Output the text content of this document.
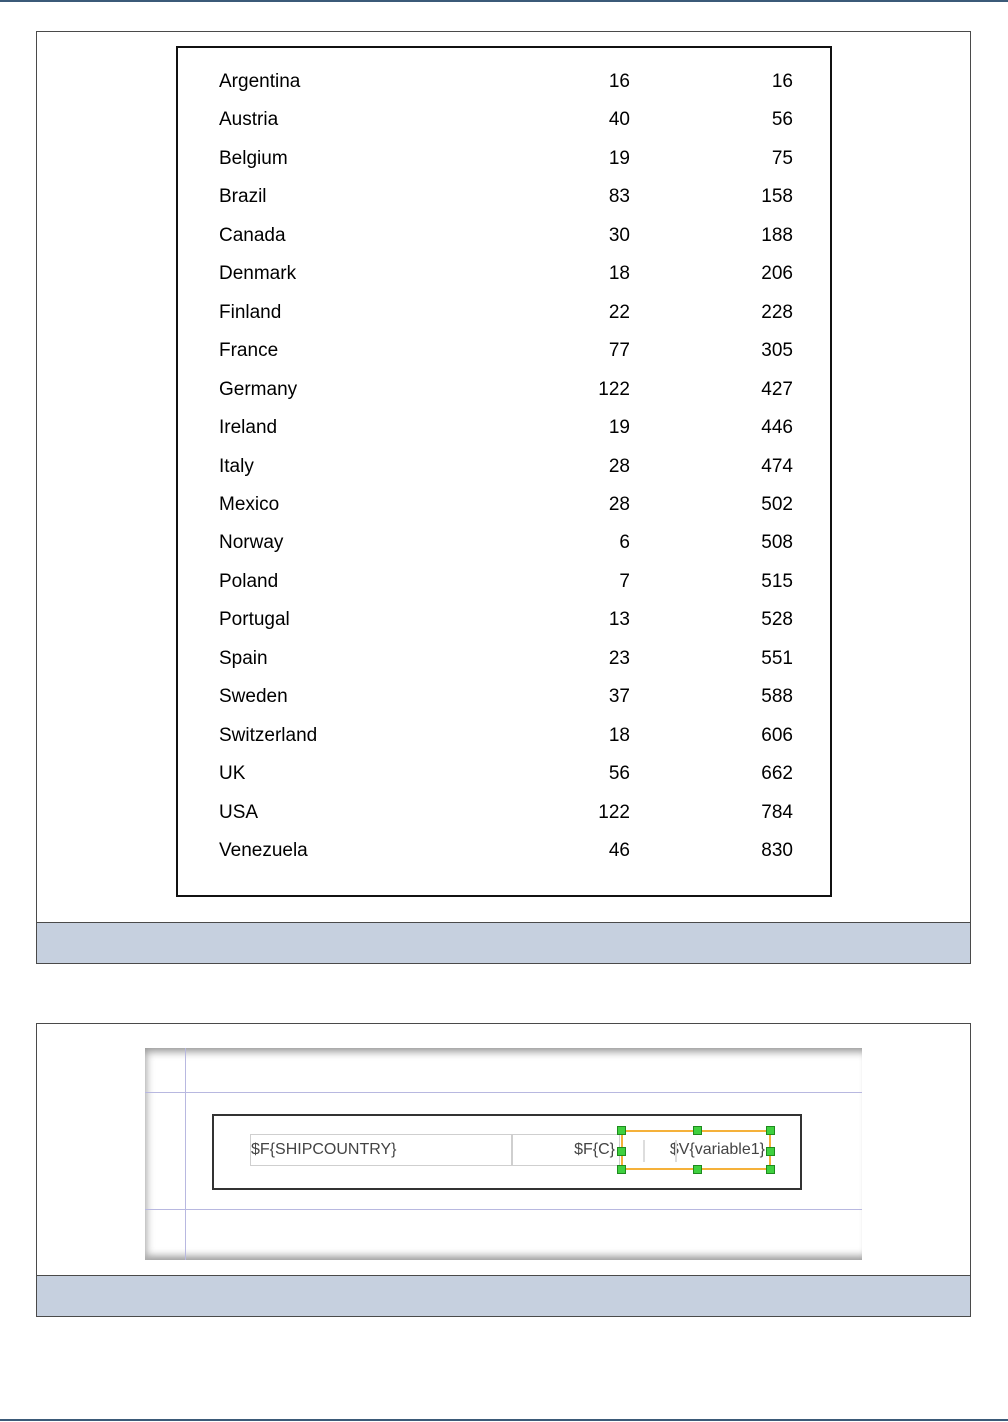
Argentina	16	16
Austria	40	56
Belgium	19	75
Brazil	83	158
Canada	30	188
Denmark	18	206
Finland	22	228
France	77	305
Germany	122	427
Ireland	19	446
Italy	28	474
Mexico	28	502
Norway	6	508
Poland	7	515
Portugal	13	528
Spain	23	551
Sweden	37	588
Switzerland	18	606
UK	56	662
USA	122	784
Venezuela	46	830
$F{SHIPCOUNTRY}	$F{C}	$V{variable1}
